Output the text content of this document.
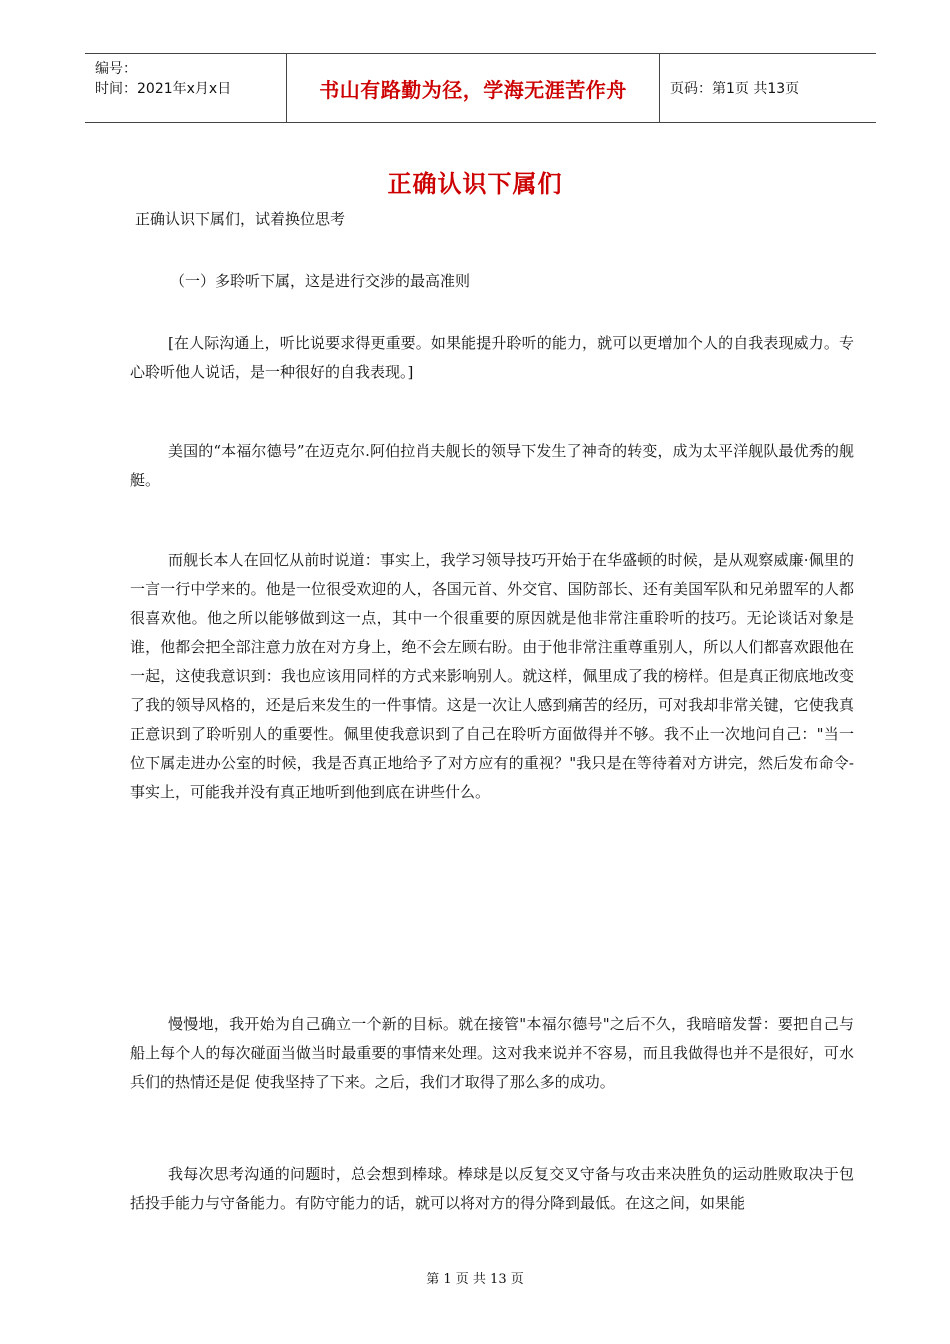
编号：
时间：2021年x月x日	书山有路勤为径，学海无涯苦作舟	页码：第1页 共13页
正确认识下属们
正确认识下属们，试着换位思考
（一）多聆听下属，这是进行交涉的最高准则

[在人际沟通上，听比说要求得更重要。如果能提升聆听的能力，就可以更增加个人的自我表现威力。专心聆听他人说话，是一种很好的自我表现。]

美国的“本福尔德号”在迈克尔.阿伯拉肖夫舰长的领导下发生了神奇的转变，成为太平洋舰队最优秀的舰艇。

而舰长本人在回忆从前时说道：事实上，我学习领导技巧开始于在华盛顿的时候，是从观察威廉·佩里的一言一行中学来的。他是一位很受欢迎的人，各国元首、外交官、国防部长、还有美国军队和兄弟盟军的人都很喜欢他。他之所以能够做到这一点，其中一个很重要的原因就是他非常注重聆听的技巧。无论谈话对象是谁，他都会把全部注意力放在对方身上，绝不会左顾右盼。由于他非常注重尊重别人，所以人们都喜欢跟他在一起，这使我意识到：我也应该用同样的方式来影响别人。就这样，佩里成了我的榜样。但是真正彻底地改变了我的领导风格的，还是后来发生的一件事情。这是一次让人感到痛苦的经历，可对我却非常关键，它使我真正意识到了聆听别人的重要性。佩里使我意识到了自己在聆听方面做得并不够。我不止一次地问自己："当一位下属走进办公室的时候，我是否真正地给予了对方应有的重视？"我只是在等待着对方讲完，然后发布命令-事实上，可能我并没有真正地听到他到底在讲些什么。

慢慢地，我开始为自己确立一个新的目标。就在接管"本福尔德号"之后不久，我暗暗发誓：要把自己与船上每个人的每次碰面当做当时最重要的事情来处理。这对我来说并不容易，而且我做得也并不是很好，可水兵们的热情还是促 使我坚持了下来。之后，我们才取得了那么多的成功。

我每次思考沟通的问题时，总会想到棒球。棒球是以反复交叉守备与攻击来决胜负的运动胜败取决于包括投手能力与守备能力。有防守能力的话，就可以将对方的得分降到最低。在这之间，如果能

第 1 页 共 13 页
